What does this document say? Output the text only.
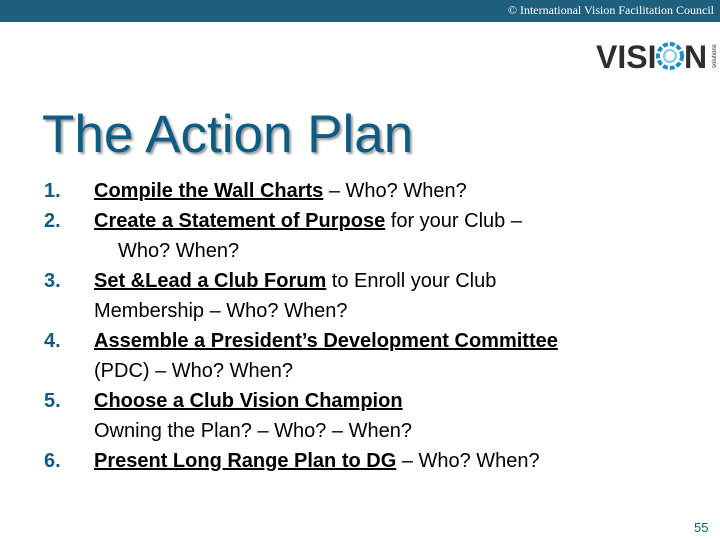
© International Vision Facilitation Council
VISI N solutions
The Action Plan
1.	Compile the Wall Charts – Who? When?
2.	Create a Statement of Purpose for your Club –
Who? When?
3.	Set &Lead a Club Forum to Enroll your Club
Membership – Who? When?
4.	Assemble a President’s Development Committee
(PDC) – Who? When?
5.	Choose a Club Vision Champion
Owning the Plan? – Who? – When?
6.	Present Long Range Plan to DG – Who? When?
55
